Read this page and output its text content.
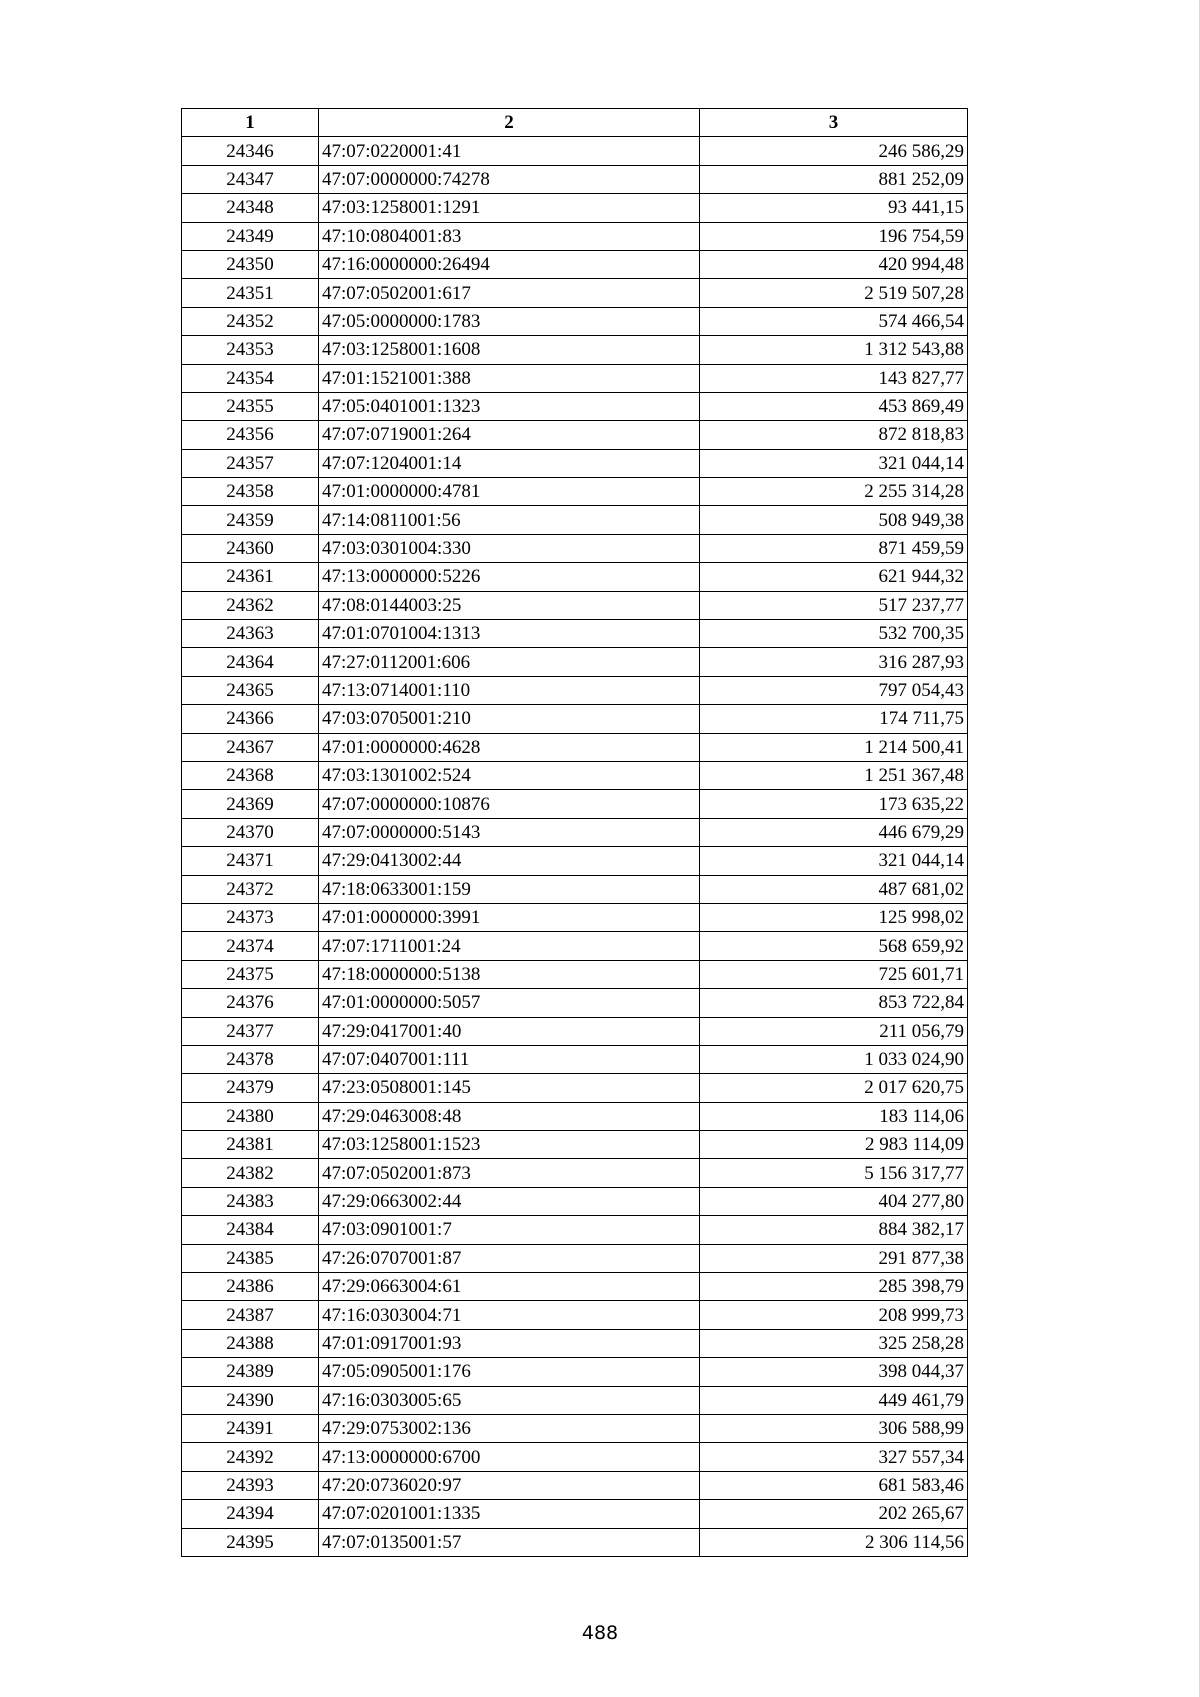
1	2	3
24346	47:07:0220001:41	246 586,29
24347	47:07:0000000:74278	881 252,09
24348	47:03:1258001:1291	93 441,15
24349	47:10:0804001:83	196 754,59
24350	47:16:0000000:26494	420 994,48
24351	47:07:0502001:617	2 519 507,28
24352	47:05:0000000:1783	574 466,54
24353	47:03:1258001:1608	1 312 543,88
24354	47:01:1521001:388	143 827,77
24355	47:05:0401001:1323	453 869,49
24356	47:07:0719001:264	872 818,83
24357	47:07:1204001:14	321 044,14
24358	47:01:0000000:4781	2 255 314,28
24359	47:14:0811001:56	508 949,38
24360	47:03:0301004:330	871 459,59
24361	47:13:0000000:5226	621 944,32
24362	47:08:0144003:25	517 237,77
24363	47:01:0701004:1313	532 700,35
24364	47:27:0112001:606	316 287,93
24365	47:13:0714001:110	797 054,43
24366	47:03:0705001:210	174 711,75
24367	47:01:0000000:4628	1 214 500,41
24368	47:03:1301002:524	1 251 367,48
24369	47:07:0000000:10876	173 635,22
24370	47:07:0000000:5143	446 679,29
24371	47:29:0413002:44	321 044,14
24372	47:18:0633001:159	487 681,02
24373	47:01:0000000:3991	125 998,02
24374	47:07:1711001:24	568 659,92
24375	47:18:0000000:5138	725 601,71
24376	47:01:0000000:5057	853 722,84
24377	47:29:0417001:40	211 056,79
24378	47:07:0407001:111	1 033 024,90
24379	47:23:0508001:145	2 017 620,75
24380	47:29:0463008:48	183 114,06
24381	47:03:1258001:1523	2 983 114,09
24382	47:07:0502001:873	5 156 317,77
24383	47:29:0663002:44	404 277,80
24384	47:03:0901001:7	884 382,17
24385	47:26:0707001:87	291 877,38
24386	47:29:0663004:61	285 398,79
24387	47:16:0303004:71	208 999,73
24388	47:01:0917001:93	325 258,28
24389	47:05:0905001:176	398 044,37
24390	47:16:0303005:65	449 461,79
24391	47:29:0753002:136	306 588,99
24392	47:13:0000000:6700	327 557,34
24393	47:20:0736020:97	681 583,46
24394	47:07:0201001:1335	202 265,67
24395	47:07:0135001:57	2 306 114,56
488
